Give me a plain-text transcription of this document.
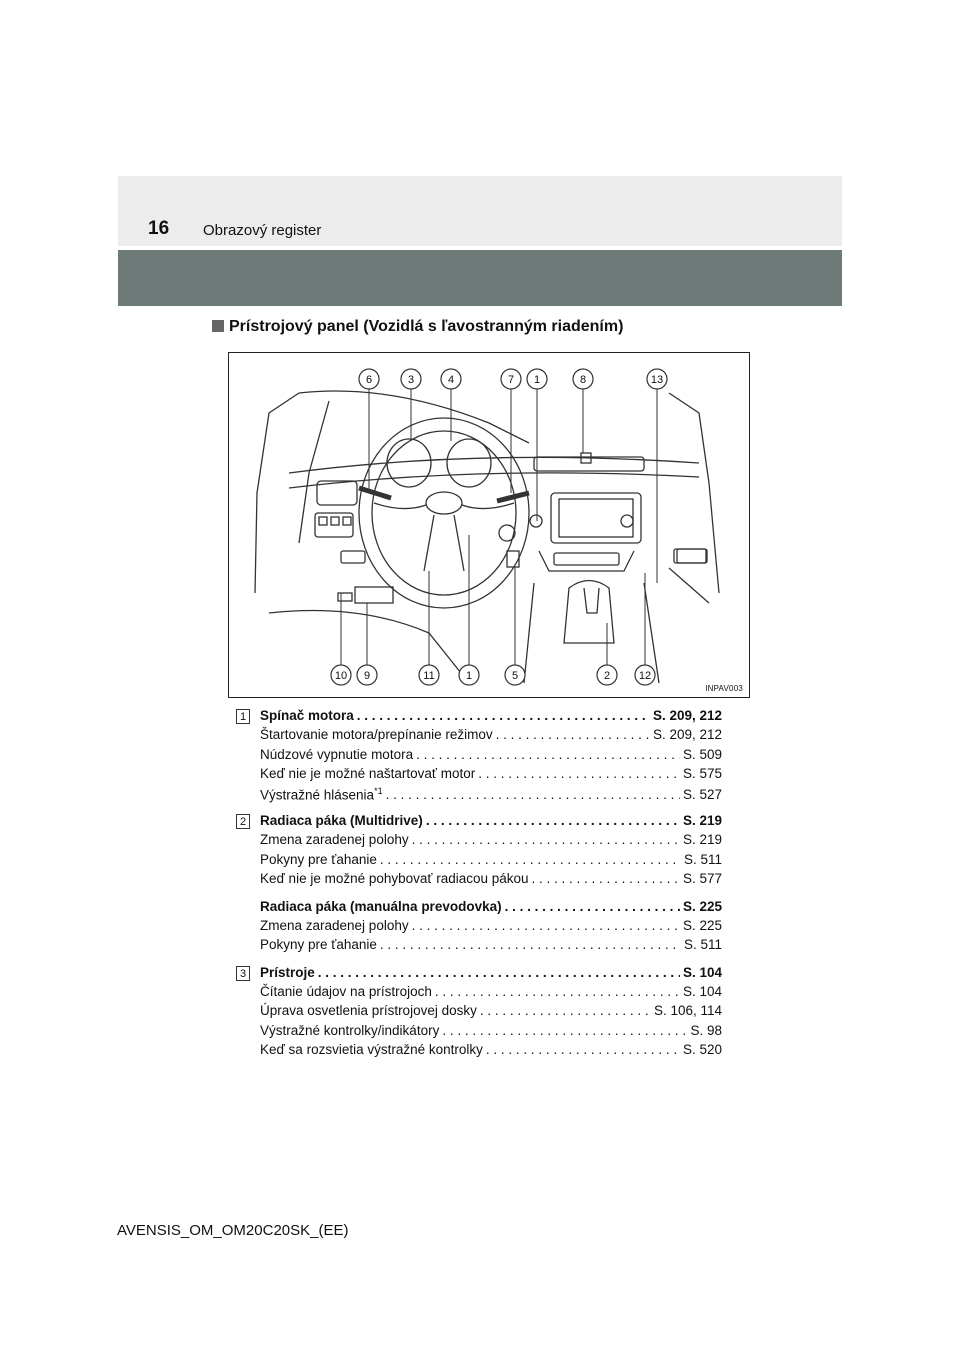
16 Obrazový register
Prístrojový panel (Vozidlá s ľavostranným riadením)
6	3	4	7 1	8	13
10 9	11	1	5	2	12
INPAV003
1 Spínač motora . . .	S. 209, 212
Štartovanie motora/prepínanie režimov . . .	S. 209, 212
Núdzové vypnutie motora . . .	S. 509
Keď nie je možné naštartovať motor . . .	S. 575
Výstražné hlásenia$^{*1}$ . . .	S. 527
2 Radiaca páka (Multidrive) . . .	S. 219
Zmena zaradenej polohy . . .	S. 219
Pokyny pre ťahanie . . .	S. 511
Keď nie je možné pohybovať radiacou pákou . . .	S. 577
Radiaca páka (manuálna prevodovka) . . .	S. 225
Zmena zaradenej polohy . . .	S. 225
Pokyny pre ťahanie . . .	S. 511
3 Prístroje . . .	S. 104
Čítanie údajov na prístrojoch . . .	S. 104
Úprava osvetlenia prístrojovej dosky . . .	S. 106, 114
Výstražné kontrolky/indikátory . . .	S. 98
Keď sa rozsvietia výstražné kontrolky . . .	S. 520
AVENSIS_OM_OM20C20SK_(EE)
